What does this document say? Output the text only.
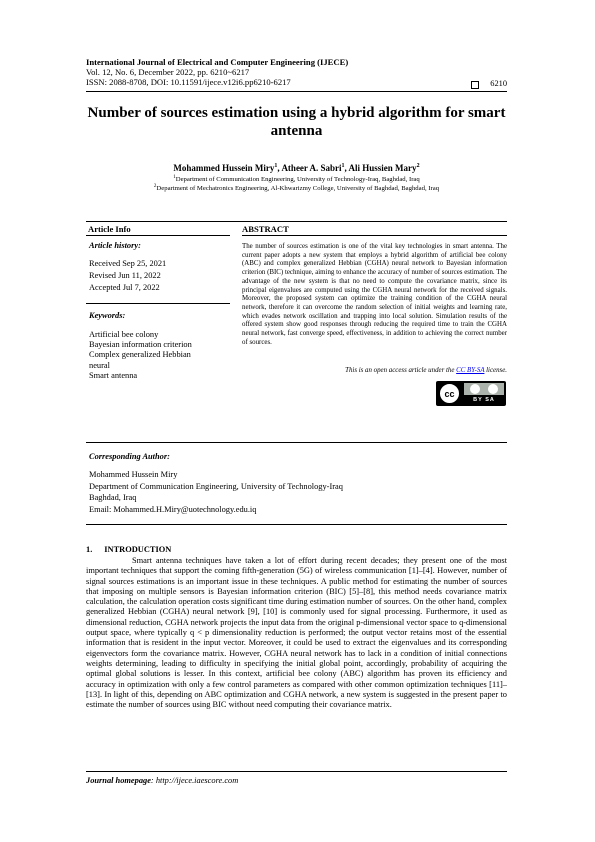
International Journal of Electrical and Computer Engineering (IJECE)
Vol. 12, No. 6, December 2022, pp. 6210~6217
ISSN: 2088-8708, DOI: 10.11591/ijece.v12i6.pp6210-6217	6210
Number of sources estimation using a hybrid algorithm for smart antenna
Mohammed Hussein Miry$^1$, Atheer A. Sabri$^1$, Ali Hussien Mary$^2$
$^1$Department of Communication Engineering, University of Technology-Iraq, Baghdad, Iraq
$^2$Department of Mechatronics Engineering, Al-Khwarizmy College, University of Baghdad, Baghdad, Iraq
Article Info	ABSTRACT
Article history:
Received Sep 25, 2021
Revised Jun 11, 2022
Accepted Jul 7, 2022
Keywords:
Artificial bee colony
Bayesian information criterion
Complex generalized Hebbian
neural
Smart antenna
The number of sources estimation is one of the vital key technologies in smart antenna. The current paper adopts a new system that employs a hybrid algorithm of artificial bee colony (ABC) and complex generalized Hebbian (CGHA) neural network to Bayesian information criterion (BIC) technique, aiming to enhance the accuracy of number of sources estimation. The advantage of the new system is that no need to compute the covariance matrix, since its principal eigenvalues are computed using the CGHA neural network for the received signals. Moreover, the proposed system can optimize the training condition of the CGHA neural network, therefore it can overcome the random selection of initial weights and learning rate, which evades network oscillation and trapping into local solution. Simulation results of the offered system show good responses through reducing the required time to train the CGHA neural network, fast converge speed, effectiveness, in addition to achieving the correct number of sources.
This is an open access article under the CC BY-SA license.
cc
BY SA
Corresponding Author:
Mohammed Hussein Miry
Department of Communication Engineering, University of Technology-Iraq
Baghdad, Iraq
Email: Mohammed.H.Miry@uotechnology.edu.iq
1. INTRODUCTION
Smart antenna techniques have taken a lot of effort during recent decades; they present one of the most important techniques that support the coming fifth-generation (5G) of wireless communication [1]–[4]. However, number of signal sources estimations is an important issue in these techniques. A public method for estimating the number of sources that imposing on multiple sensors is Bayesian information criterion (BIC) [5]–[8], this method needs covariance matrix calculation, the calculation operation costs significant time during estimation number of sources. On the other hand, complex generalized Hebbian (CGHA) neural network [9], [10] is commonly used for signal processing. Furthermore, it used as dimensional reduction, CGHA network projects the input data from the original p-dimensional vector space to q-dimensional output space, where typically q < p dimensionality reduction is performed; the output vector retains most of the essential information that is resident in the input vector. Moreover, it could be used to extract the eigenvalues and its corresponding eigenvectors form the covariance matrix. However, CGHA neural network has to lack in a condition of initial connections weights determining, leading to difficulty in specifying the initial global point, accordingly, probability of acquiring the optimal global solutions is lesser. In this context, artificial bee colony (ABC) algorithm has proven its efficiency and accuracy in optimization with only a few control parameters as compared with other common optimization techniques [11]–[13]. In light of this, depending on ABC optimization and CGHA network, a new system is suggested in the present paper to estimate the number of sources using BIC without need computing their covariance matrix.
Journal homepage: http://ijece.iaescore.com
